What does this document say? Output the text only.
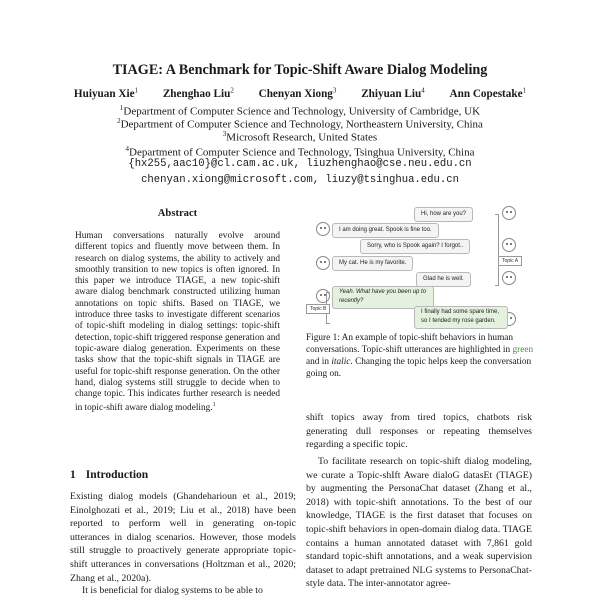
TIAGE: A Benchmark for Topic-Shift Aware Dialog Modeling
Huiyuan Xie$^1$ Zhenghao Liu$^2$ Chenyan Xiong$^3$ Zhiyuan Liu$^4$ Ann Copestake$^1$
$^1$Department of Computer Science and Technology, University of Cambridge, UK
$^2$Department of Computer Science and Technology, Northeastern University, China
$^3$Microsoft Research, United States
$^4$Department of Computer Science and Technology, Tsinghua University, China
{hx255,aac10}@cl.cam.ac.uk, liuzhenghao@cse.neu.edu.cn
chenyan.xiong@microsoft.com, liuzy@tsinghua.edu.cn
Abstract

Human conversations naturally evolve around different topics and fluently move between them. In research on dialog systems, the ability to actively and smoothly transition to new topics is often ignored. In this paper we introduce TIAGE, a new topic-shift aware dialog benchmark constructed utilizing human annotations on topic shifts. Based on TIAGE, we introduce three tasks to investigate different scenarios of topic-shift modeling in dialog settings: topic-shift detection, topic-shift triggered response generation and topic-aware dialog generation. Experiments on these tasks show that the topic-shift signals in TIAGE are useful for topic-shift response generation. On the other hand, dialog systems still struggle to decide when to change topic. This indicates further research is needed in topic-shift aware dialog modeling.$^1$

1 Introduction

Existing dialog models (Ghandeharioun et al., 2019; Einolghozati et al., 2019; Liu et al., 2018) have been reported to perform well in generating on-topic utterances in dialog scenarios. However, those models still struggle to proactively generate appropriate topic-shift utterances in conversations (Holtzman et al., 2020; Zhang et al., 2020a).

It is beneficial for dialog systems to be able to

Hi, how are you?
I am doing great. Spook is fine too.
Sorry, who is Spook again? I forgot..
My cat. He is my favorite.
Glad he is well.
Yeah. What have you been up to recently?
I finally had some spare time, so I tended my rose garden.
Topic A
Topic B

Figure 1: An example of topic-shift behaviors in human conversations. Topic-shift utterances are highlighted in green and in italic. Changing the topic helps keep the conversation going on.

shift topics away from tired topics, chatbots risk generating dull responses or repeating themselves regarding a specific topic.

To facilitate research on topic-shift dialog modeling, we curate a Topic-shIft Aware dialoG datasEt (TIAGE) by augmenting the PersonaChat dataset (Zhang et al., 2018) with topic-shift annotations. To the best of our knowledge, TIAGE is the first dataset that focuses on topic-shift behaviors in open-domain dialog data. TIAGE contains a human annotated dataset with 7,861 gold standard topic-shift annotations, and a weak supervision dataset to adapt pretrained NLG systems to PersonaChat-style data. The inter-annotator agree-
